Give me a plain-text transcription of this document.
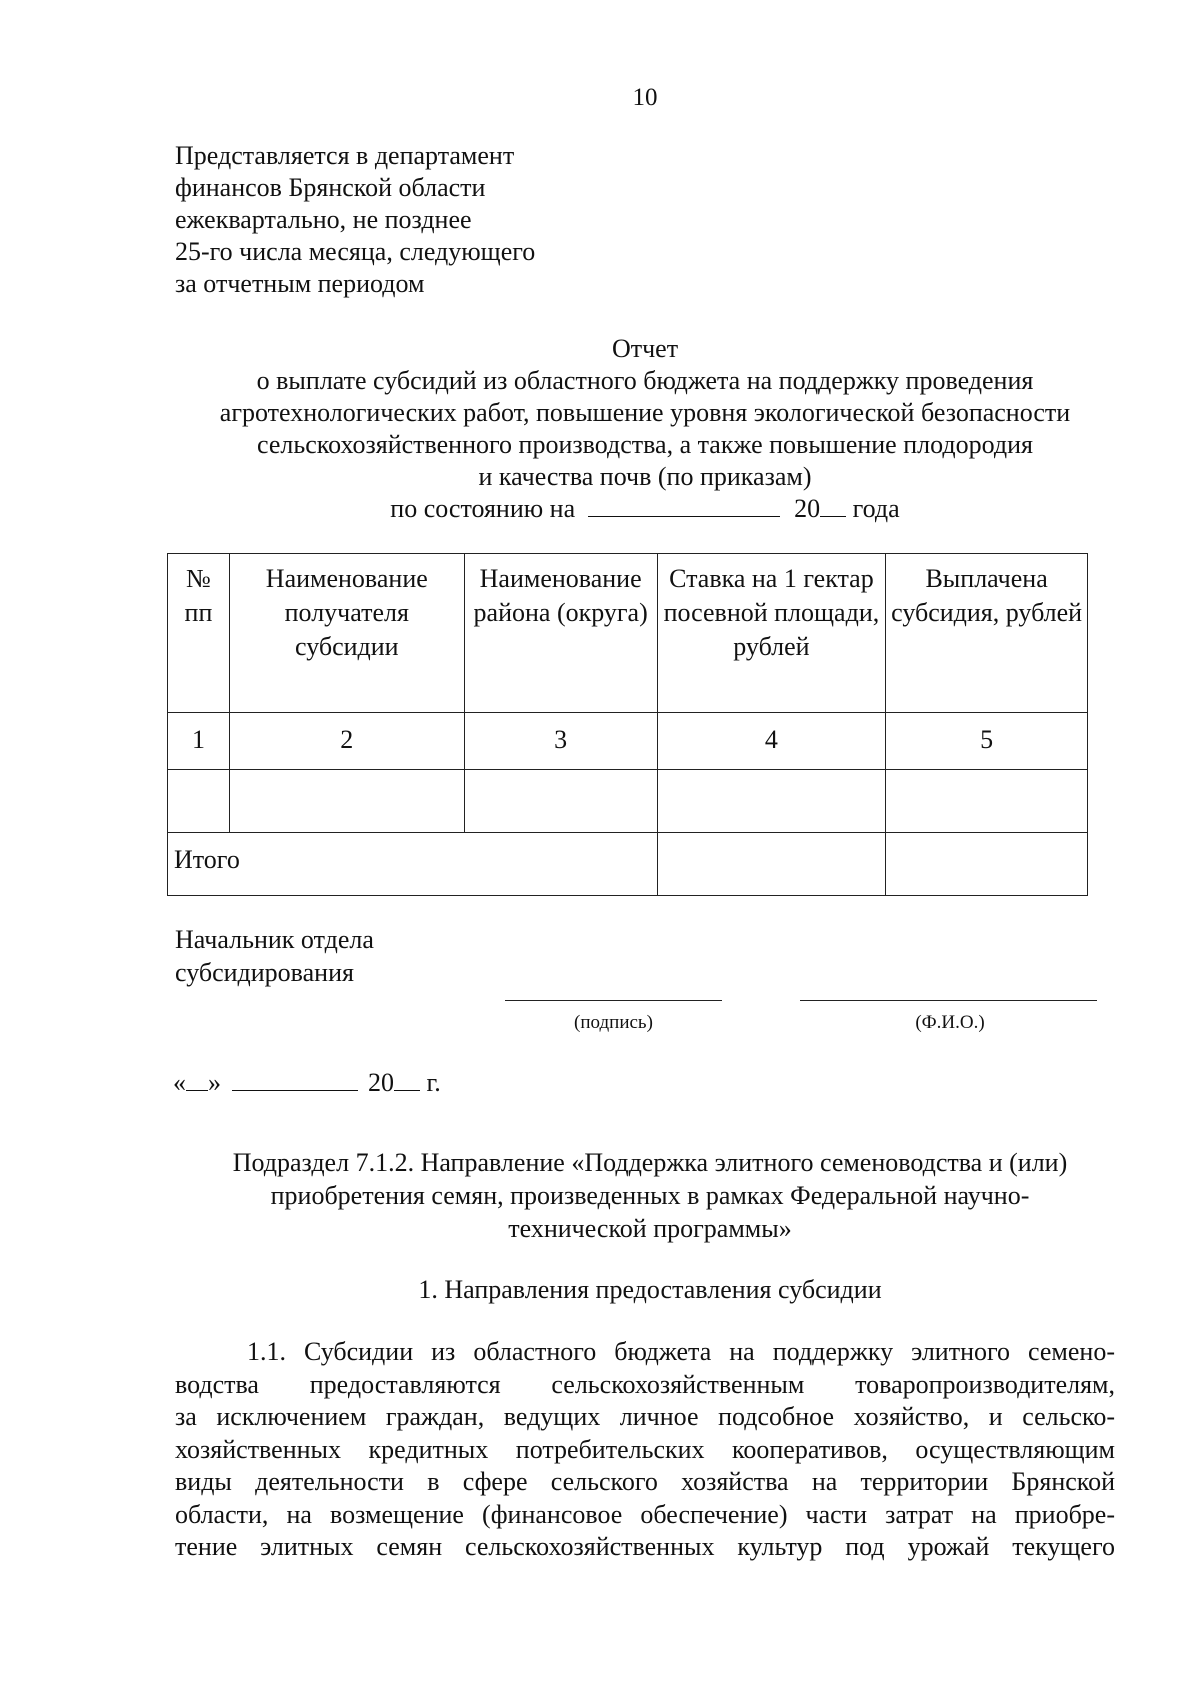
10
Представляется в департамент
финансов Брянской области
ежеквартально, не позднее
25-го числа месяца, следующего
за отчетным периодом
Отчет
о выплате субсидий из областного бюджета на поддержку проведения
агротехнологических работ, повышение уровня экологической безопасности
сельскохозяйственного производства, а также повышение плодородия
и качества почв (по приказам)
по состоянию на	20 года
№ пп	Наименование получателя субсидии	Наименование района (округа)	Ставка на 1 гектар посевной площади, рублей	Выплачена субсидия, рублей
1	2	3	4	5

Итого				
Начальник отдела
субсидирования
(подпись)	(Ф.И.О.)
« »	20 г.
Подраздел 7.1.2. Направление «Поддержка элитного семеноводства и (или)
приобретения семян, произведенных в рамках Федеральной научно-
технической программы»
1. Направления предоставления субсидии
1.1. Субсидии из областного бюджета на поддержку элитного семено-
водства предоставляются сельскохозяйственным товаропроизводителям,
за исключением граждан, ведущих личное подсобное хозяйство, и сельско-
хозяйственных кредитных потребительских кооперативов, осуществляющим
виды деятельности в сфере сельского хозяйства на территории Брянской
области, на возмещение (финансовое обеспечение) части затрат на приобре-
тение элитных семян сельскохозяйственных культур под урожай текущего
